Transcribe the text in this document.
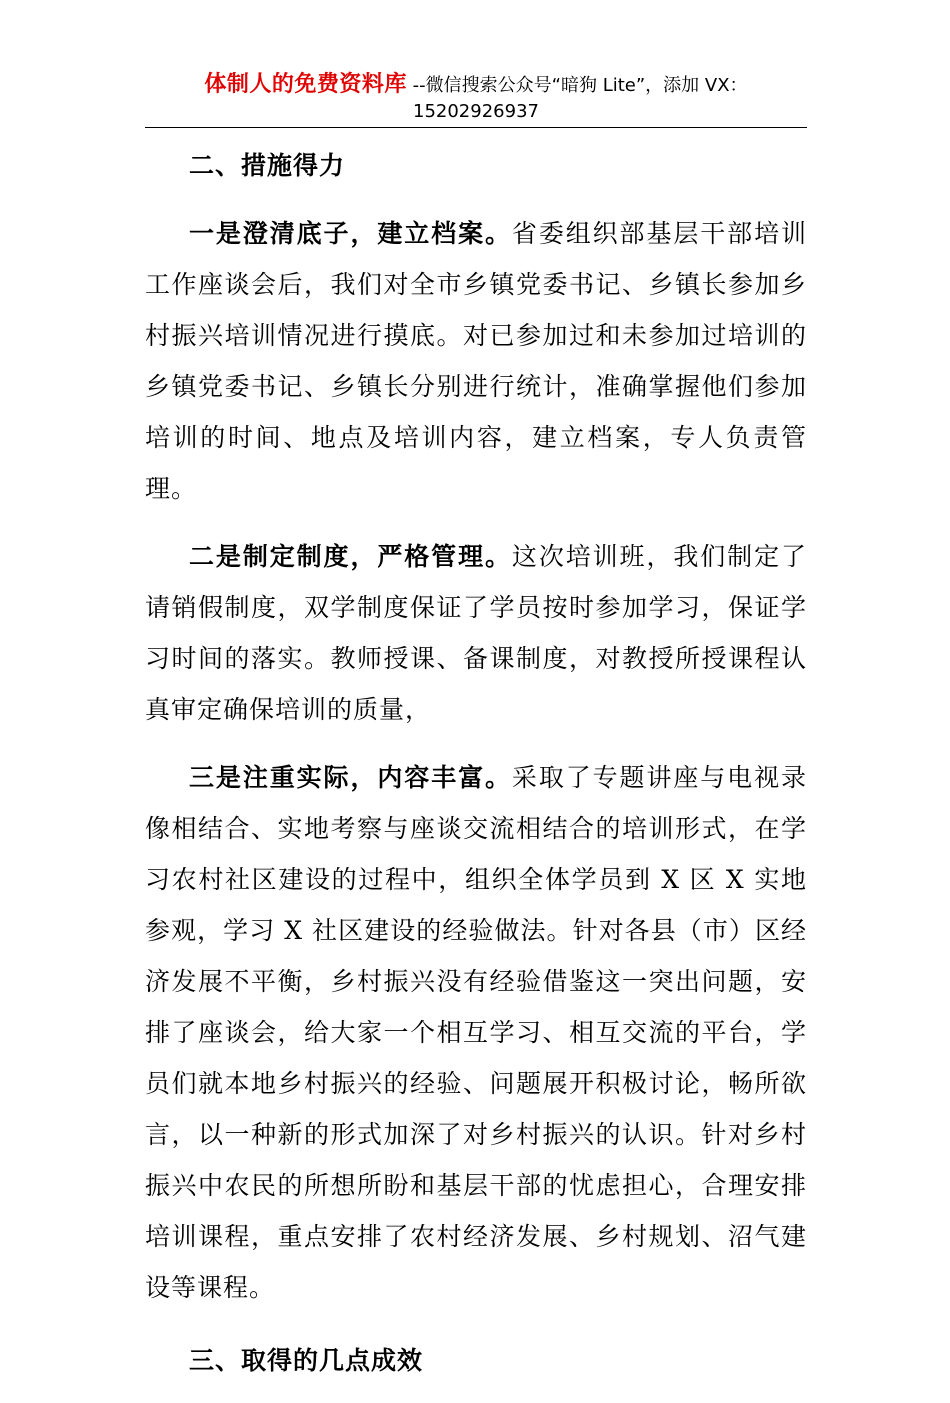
体制人的免费资料库 --微信搜索公众号“暗狗 Lite”，添加 VX：
15202926937

二、措施得力

一是澄清底子，建立档案。省委组织部基层干部培训工作座谈会后，我们对全市乡镇党委书记、乡镇长参加乡村振兴培训情况进行摸底。对已参加过和未参加过培训的乡镇党委书记、乡镇长分别进行统计，准确掌握他们参加培训的时间、地点及培训内容，建立档案，专人负责管理。

二是制定制度，严格管理。这次培训班，我们制定了请销假制度，双学制度保证了学员按时参加学习，保证学习时间的落实。教师授课、备课制度，对教授所授课程认真审定确保培训的质量，

三是注重实际，内容丰富。采取了专题讲座与电视录像相结合、实地考察与座谈交流相结合的培训形式，在学习农村社区建设的过程中，组织全体学员到 X 区 X 实地参观，学习 X 社区建设的经验做法。针对各县（市）区经济发展不平衡，乡村振兴没有经验借鉴这一突出问题，安排了座谈会，给大家一个相互学习、相互交流的平台，学员们就本地乡村振兴的经验、问题展开积极讨论，畅所欲言，以一种新的形式加深了对乡村振兴的认识。针对乡村振兴中农民的所想所盼和基层干部的忧虑担心，合理安排培训课程，重点安排了农村经济发展、乡村规划、沼气建设等课程。

三、取得的几点成效
